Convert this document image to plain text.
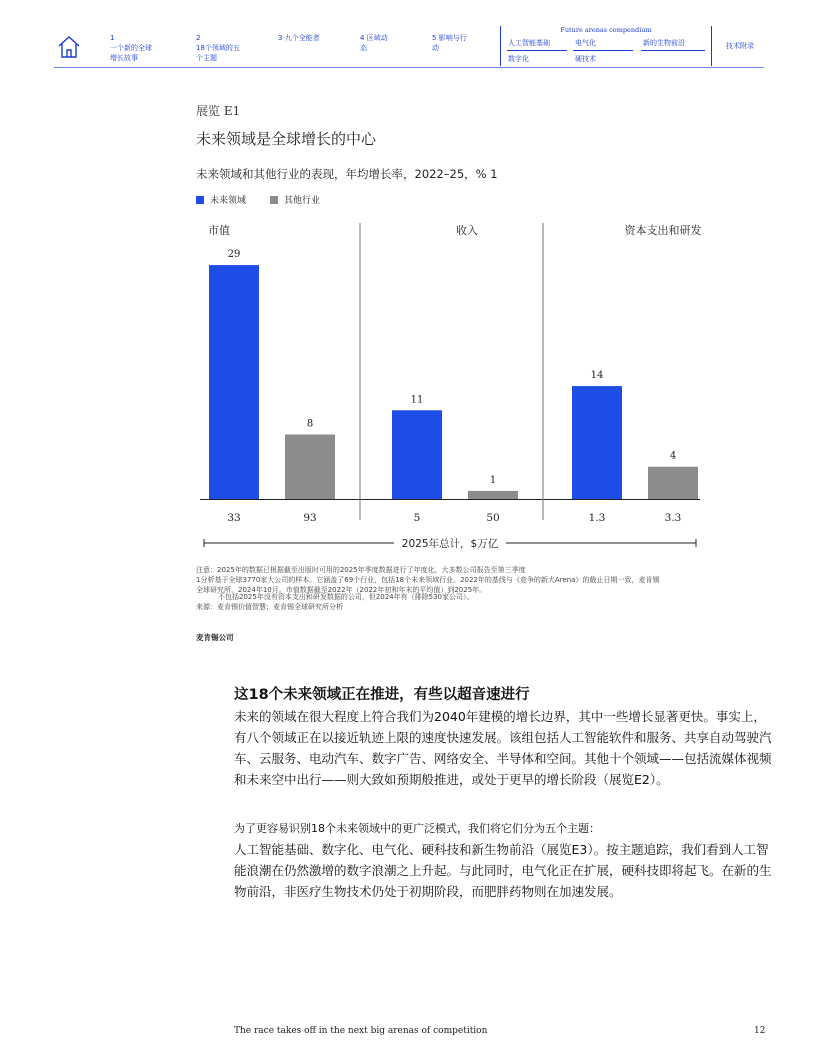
1
一个新的全球增长故事
2
18个领域的五个主题
3 九个全能者	4 区域动态
5 影响与行动
Future arenas compendium
人工智能基础	电气化	新的生物前沿
数字化	硬技术
技术附录
展览 E1
未来领域是全球增长的中心
未来领域和其他行业的表现，年均增长率，2022–25，% 1
未来领域	其他行业
市值
29
33
8
93
收入
11
5
1
50
资本支出和研发
14
1.3
4
3.3
2025年总计，$万亿
注意：2025年的数据已根据截至出版时可用的2025年季度数据进行了年度化，大多数公司报告至第三季度
1分析基于全球3770家大公司的样本。它涵盖了69个行业，包括18个未来领域行业。2022年的基线与《竞争的新大Arena》的截止日期一致，麦肯锡
全球研究所，2024年10月。市值数据截至2022年（2022年初和年末的平均值）到2025年。
不包括2025年没有资本支出和研发数据的公司，但2024年有（排除530家公司）。
来源：麦肯锡价值智慧；麦肯锡全球研究所分析
麦肯锡公司
这18个未来领域正在推进，有些以超音速进行
未来的领域在很大程度上符合我们为2040年建模的增长边界，其中一些增长显著更快。事实上，有八个领域正在以接近轨迹上限的速度快速发展。该组包括人工智能软件和服务、共享自动驾驶汽车、云服务、电动汽车、数字广告、网络安全、半导体和空间。其他十个领域——包括流媒体视频和未来空中出行——则大致如预期般推进，或处于更早的增长阶段（展览E2）。
为了更容易识别18个未来领域中的更广泛模式，我们将它们分为五个主题：
人工智能基础、数字化、电气化、硬科技和新生物前沿（展览E3）。按主题追踪，我们看到人工智能浪潮在仍然激增的数字浪潮之上升起。与此同时，电气化正在扩展，硬科技即将起飞。在新的生物前沿，非医疗生物技术仍处于初期阶段，而肥胖药物则在加速发展。
The race takes off in the next big arenas of competition	12
